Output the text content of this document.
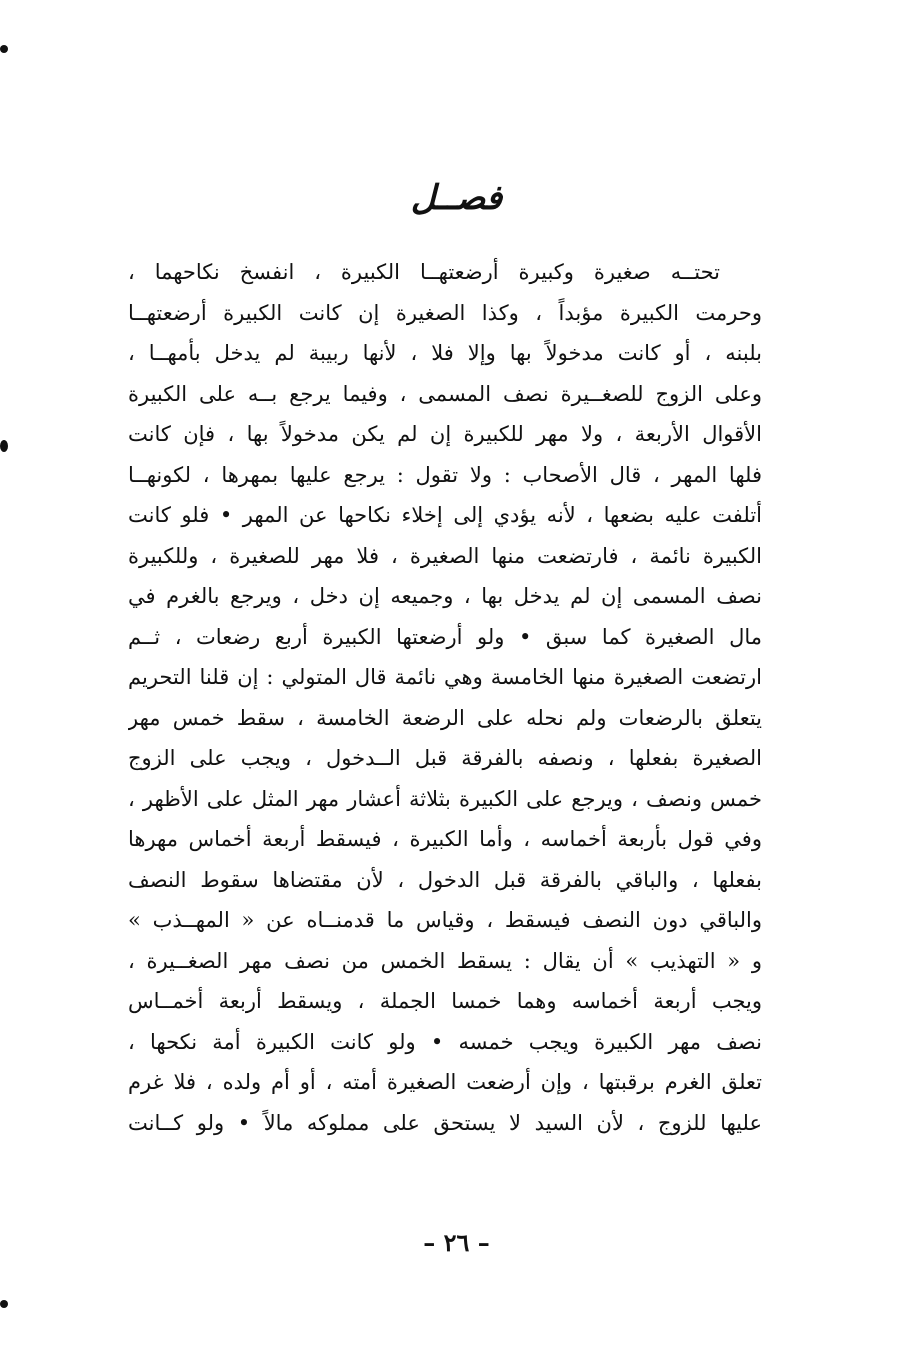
فصــل
تحتــه صغيرة وكبيرة أرضعتهــا الكبيرة ، انفسخ نكاحهما ،
وحرمت الكبيرة مؤبداً ، وكذا الصغيرة إن كانت الكبيرة أرضعتهــا
بلبنه ، أو كانت مدخولاً بها وإلا فلا ، لأنها ربيبة لم يدخل بأمهــا ،
وعلى الزوج للصغــيرة نصف المسمى ، وفيما يرجع بــه على الكبيرة
الأقوال الأربعة ، ولا مهر للكبيرة إن لم يكن مدخولاً بها ، فإن كانت
فلها المهر ، قال الأصحاب : ولا تقول : يرجع عليها بمهرها ، لكونهــا
أتلفت عليه بضعها ، لأنه يؤدي إلى إخلاء نكاحها عن المهر • فلو كانت
الكبيرة نائمة ، فارتضعت منها الصغيرة ، فلا مهر للصغيرة ، وللكبيرة
نصف المسمى إن لم يدخل بها ، وجميعه إن دخل ، ويرجع بالغرم في
مال الصغيرة كما سبق • ولو أرضعتها الكبيرة أربع رضعات ، ثــم
ارتضعت الصغيرة منها الخامسة وهي نائمة قال المتولي : إن قلنا التحريم
يتعلق بالرضعات ولم نحله على الرضعة الخامسة ، سقط خمس مهر
الصغيرة بفعلها ، ونصفه بالفرقة قبل الــدخول ، ويجب على الزوج
خمس ونصف ، ويرجع على الكبيرة بثلاثة أعشار مهر المثل على الأظهر ،
وفي قول بأربعة أخماسه ، وأما الكبيرة ، فيسقط أربعة أخماس مهرها
بفعلها ، والباقي بالفرقة قبل الدخول ، لأن مقتضاها سقوط النصف
والباقي دون النصف فيسقط ، وقياس ما قدمنــاه عن « المهــذب »
و « التهذيب » أن يقال : يسقط الخمس من نصف مهر الصغــيرة ،
ويجب أربعة أخماسه وهما خمسا الجملة ، ويسقط أربعة أخمــاس
نصف مهر الكبيرة ويجب خمسه • ولو كانت الكبيرة أمة نكحها ،
تعلق الغرم برقبتها ، وإن أرضعت الصغيرة أمته ، أو أم ولده ، فلا غرم
عليها للزوج ، لأن السيد لا يستحق على مملوكه مالاً • ولو كــانت
– ٢٦ –
